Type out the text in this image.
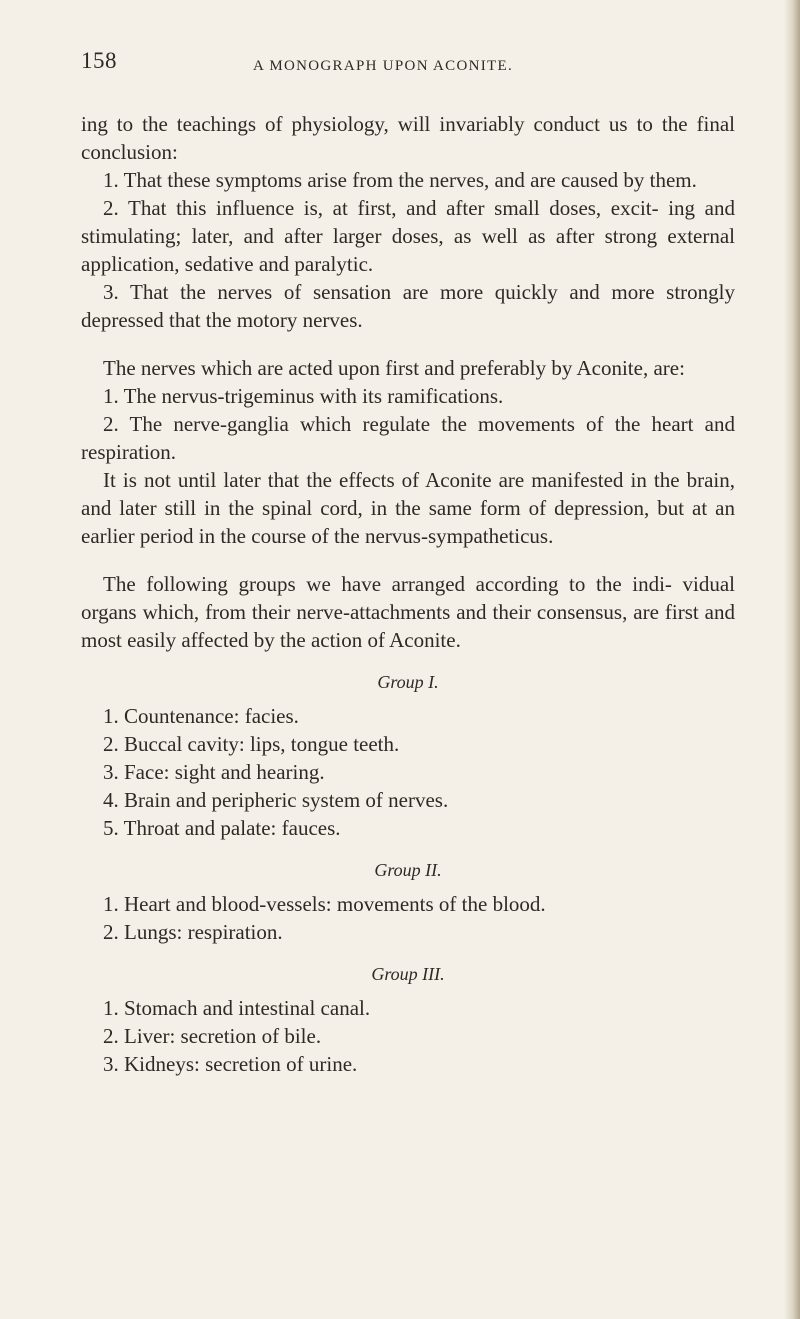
158	A MONOGRAPH UPON ACONITE.

ing to the teachings of physiology, will invariably conduct us to the final conclusion:

1. That these symptoms arise from the nerves, and are caused by them.

2. That this influence is, at first, and after small doses, excit- ing and stimulating; later, and after larger doses, as well as after strong external application, sedative and paralytic.

3. That the nerves of sensation are more quickly and more strongly depressed that the motory nerves.

The nerves which are acted upon first and preferably by Aconite, are:

1. The nervus-trigeminus with its ramifications.

2. The nerve-ganglia which regulate the movements of the heart and respiration.

It is not until later that the effects of Aconite are manifested in the brain, and later still in the spinal cord, in the same form of depression, but at an earlier period in the course of the nervus-sympatheticus.

The following groups we have arranged according to the indi- vidual organs which, from their nerve-attachments and their consensus, are first and most easily affected by the action of Aconite.

Group I.

1. Countenance: facies.

2. Buccal cavity: lips, tongue teeth.

3. Face: sight and hearing.

4. Brain and peripheric system of nerves.

5. Throat and palate: fauces.

Group II.

1. Heart and blood-vessels: movements of the blood.

2. Lungs: respiration.

Group III.

1. Stomach and intestinal canal.

2. Liver: secretion of bile.

3. Kidneys: secretion of urine.
